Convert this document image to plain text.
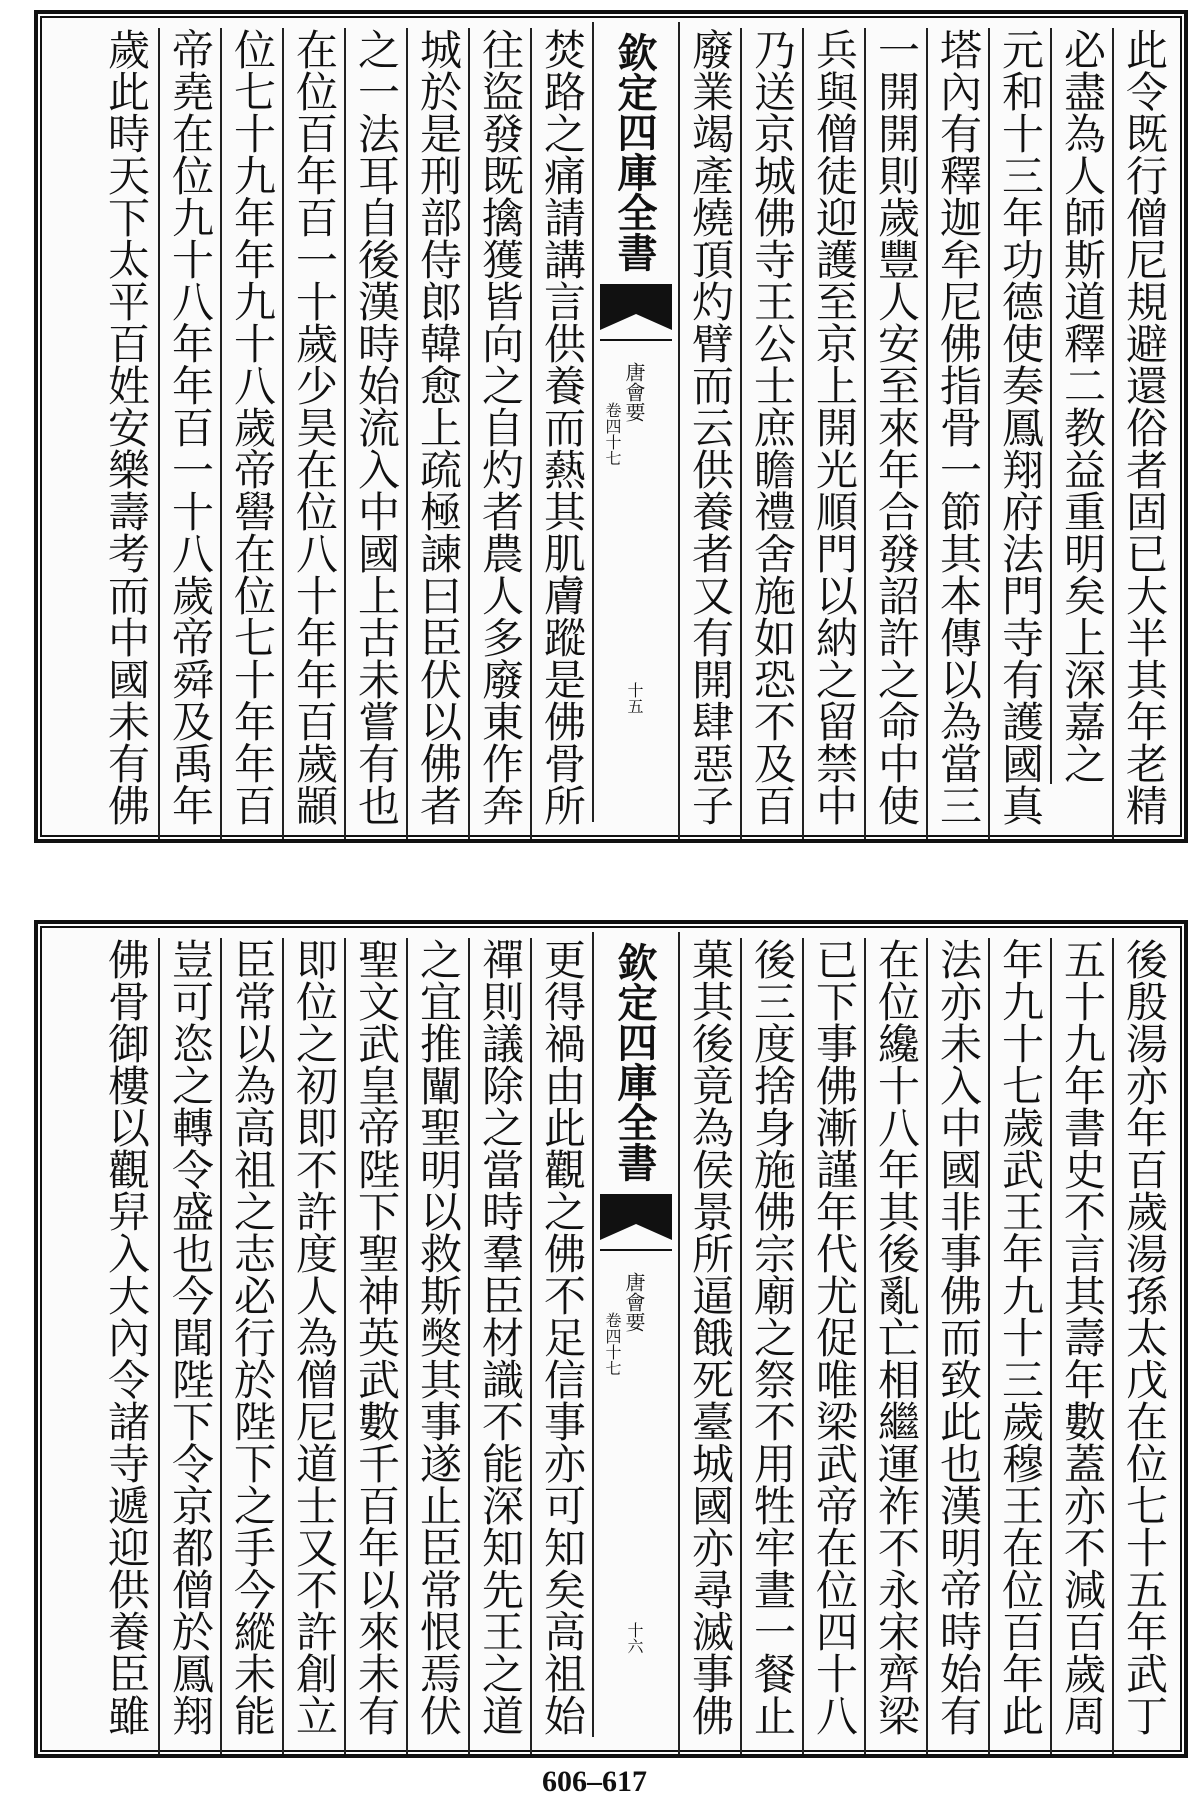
此令既行僧尼規避還俗者固已大半其年老精
必盡為人師斯道釋二教益重明矣上深嘉之
元和十三年功德使奏鳳翔府法門寺有護國真
塔內有釋迦牟尼佛指骨一節其本傳以為當三
一開開則歲豐人安至來年合發詔許之命中使
兵與僧徒迎護至京上開光順門以納之留禁中
乃送京城佛寺王公士庶瞻禮舍施如恐不及百
廢業竭產燒頂灼臂而云供養者又有開肆惡子
欽定四庫全書
唐會要
卷四十七
十五
焚路之痛請講言供養而爇其肌膚蹤是佛骨所
往盜發既擒獲皆向之自灼者農人多廢東作奔
城於是刑部侍郎韓愈上疏極諫曰臣伏以佛者
之一法耳自後漢時始流入中國上古未嘗有也
在位百年百一十歲少昊在位八十年年百歲顓
位七十九年年九十八歲帝嚳在位七十年年百
帝堯在位九十八年年百一十八歲帝舜及禹年
歲此時天下太平百姓安樂壽考而中國未有佛
後殷湯亦年百歲湯孫太戊在位七十五年武丁
五十九年書史不言其壽年數蓋亦不減百歲周
年九十七歲武王年九十三歲穆王在位百年此
法亦未入中國非事佛而致此也漢明帝時始有
在位纔十八年其後亂亡相繼運祚不永宋齊梁
已下事佛漸謹年代尤促唯梁武帝在位四十八
後三度捨身施佛宗廟之祭不用牲牢晝一餐止
菓其後竟為侯景所逼餓死臺城國亦尋滅事佛
欽定四庫全書
唐會要
卷四十七
十六
更得禍由此觀之佛不足信事亦可知矣高祖始
禪則議除之當時羣臣材識不能深知先王之道
之宜推闡聖明以救斯獘其事遂止臣常恨焉伏
聖文武皇帝陛下聖神英武數千百年以來未有
即位之初即不許度人為僧尼道士又不許創立
臣常以為高祖之志必行於陛下之手今縱未能
豈可恣之轉令盛也今聞陛下令京都僧於鳳翔
佛骨御樓以觀舁入大內令諸寺遞迎供養臣雖
606–617
